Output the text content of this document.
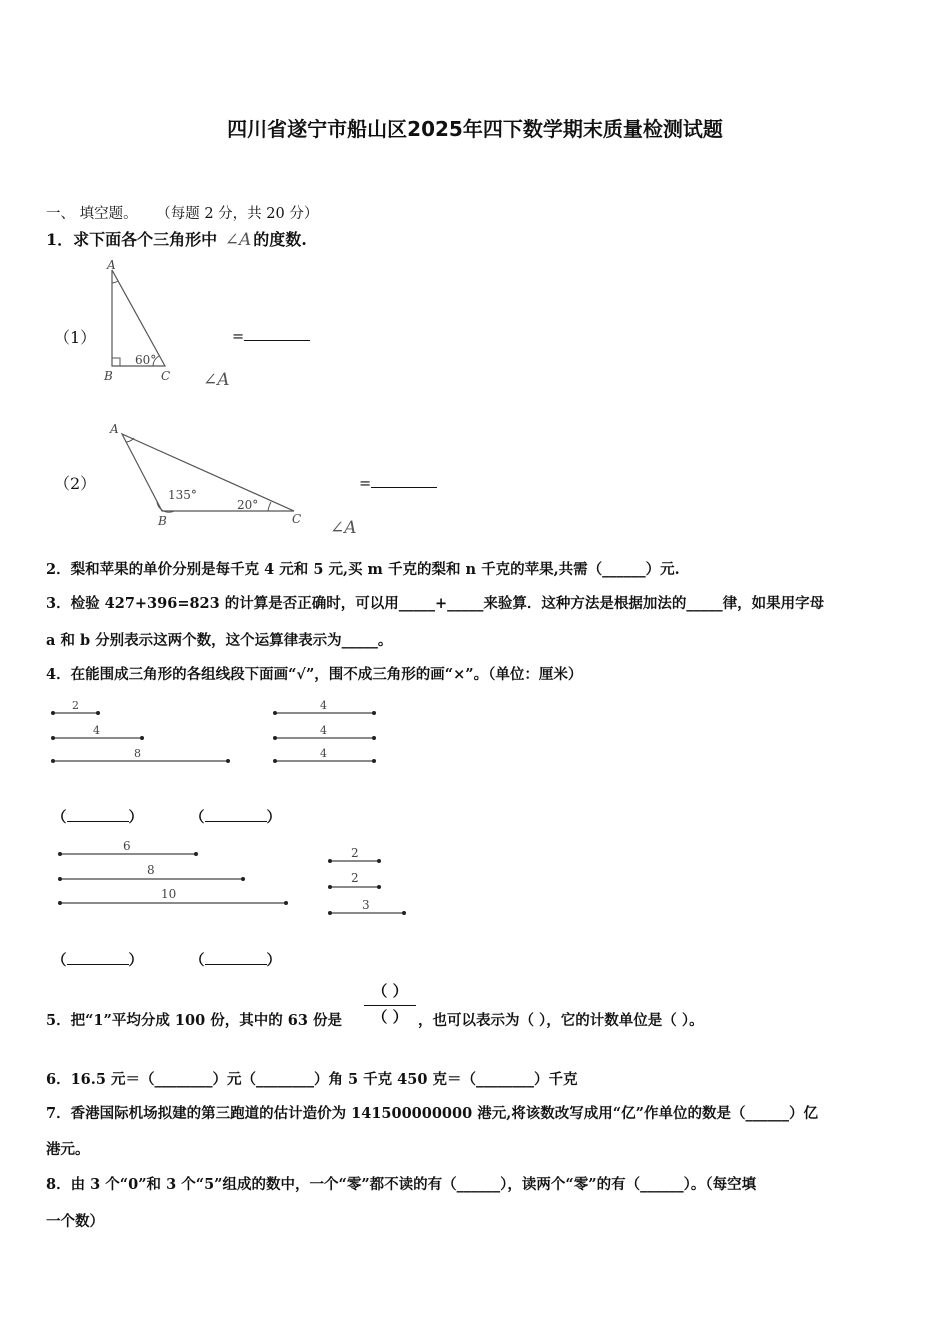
四川省遂宁市船山区2025年四下数学期末质量检测试题
一、 填空题。 （每题 2 分，共 20 分）
1．求下面各个三角形中 ∠A 的度数.
（1）
A
B	C
60°
=
∠A
（2）
A
B	C
135°
20°
=
∠A
2．梨和苹果的单价分别是每千克 4 元和 5 元,买 m 千克的梨和 n 千克的苹果,共需（______）元.
3．检验 427+396=823 的计算是否正确时，可以用_____+_____来验算．这种方法是根据加法的_____律，如果用字母
a 和 b 分别表示这两个数，这个运算律表示为_____。
4．在能围成三角形的各组线段下面画“√”，围不成三角形的画“×”。（单位：厘米）
2
4
8
4
4
4
6
8
10
2
2
3
（	）	（	）
（	）	（	）
5．把“1”平均分成 100 份，其中的 63 份是
（ ）
（ ） ，也可以表示为（ ），它的计数单位是（ ）。
6．16.5 元＝（________）元（________）角 5 千克 450 克＝（________）千克
7．香港国际机场拟建的第三跑道的估计造价为 141500000000 港元,将该数改写成用“亿”作单位的数是（______）亿
港元。
8．由 3 个“0”和 3 个“5”组成的数中，一个“零”都不读的有（______），读两个“零”的有（______）。（每空填
一个数）
